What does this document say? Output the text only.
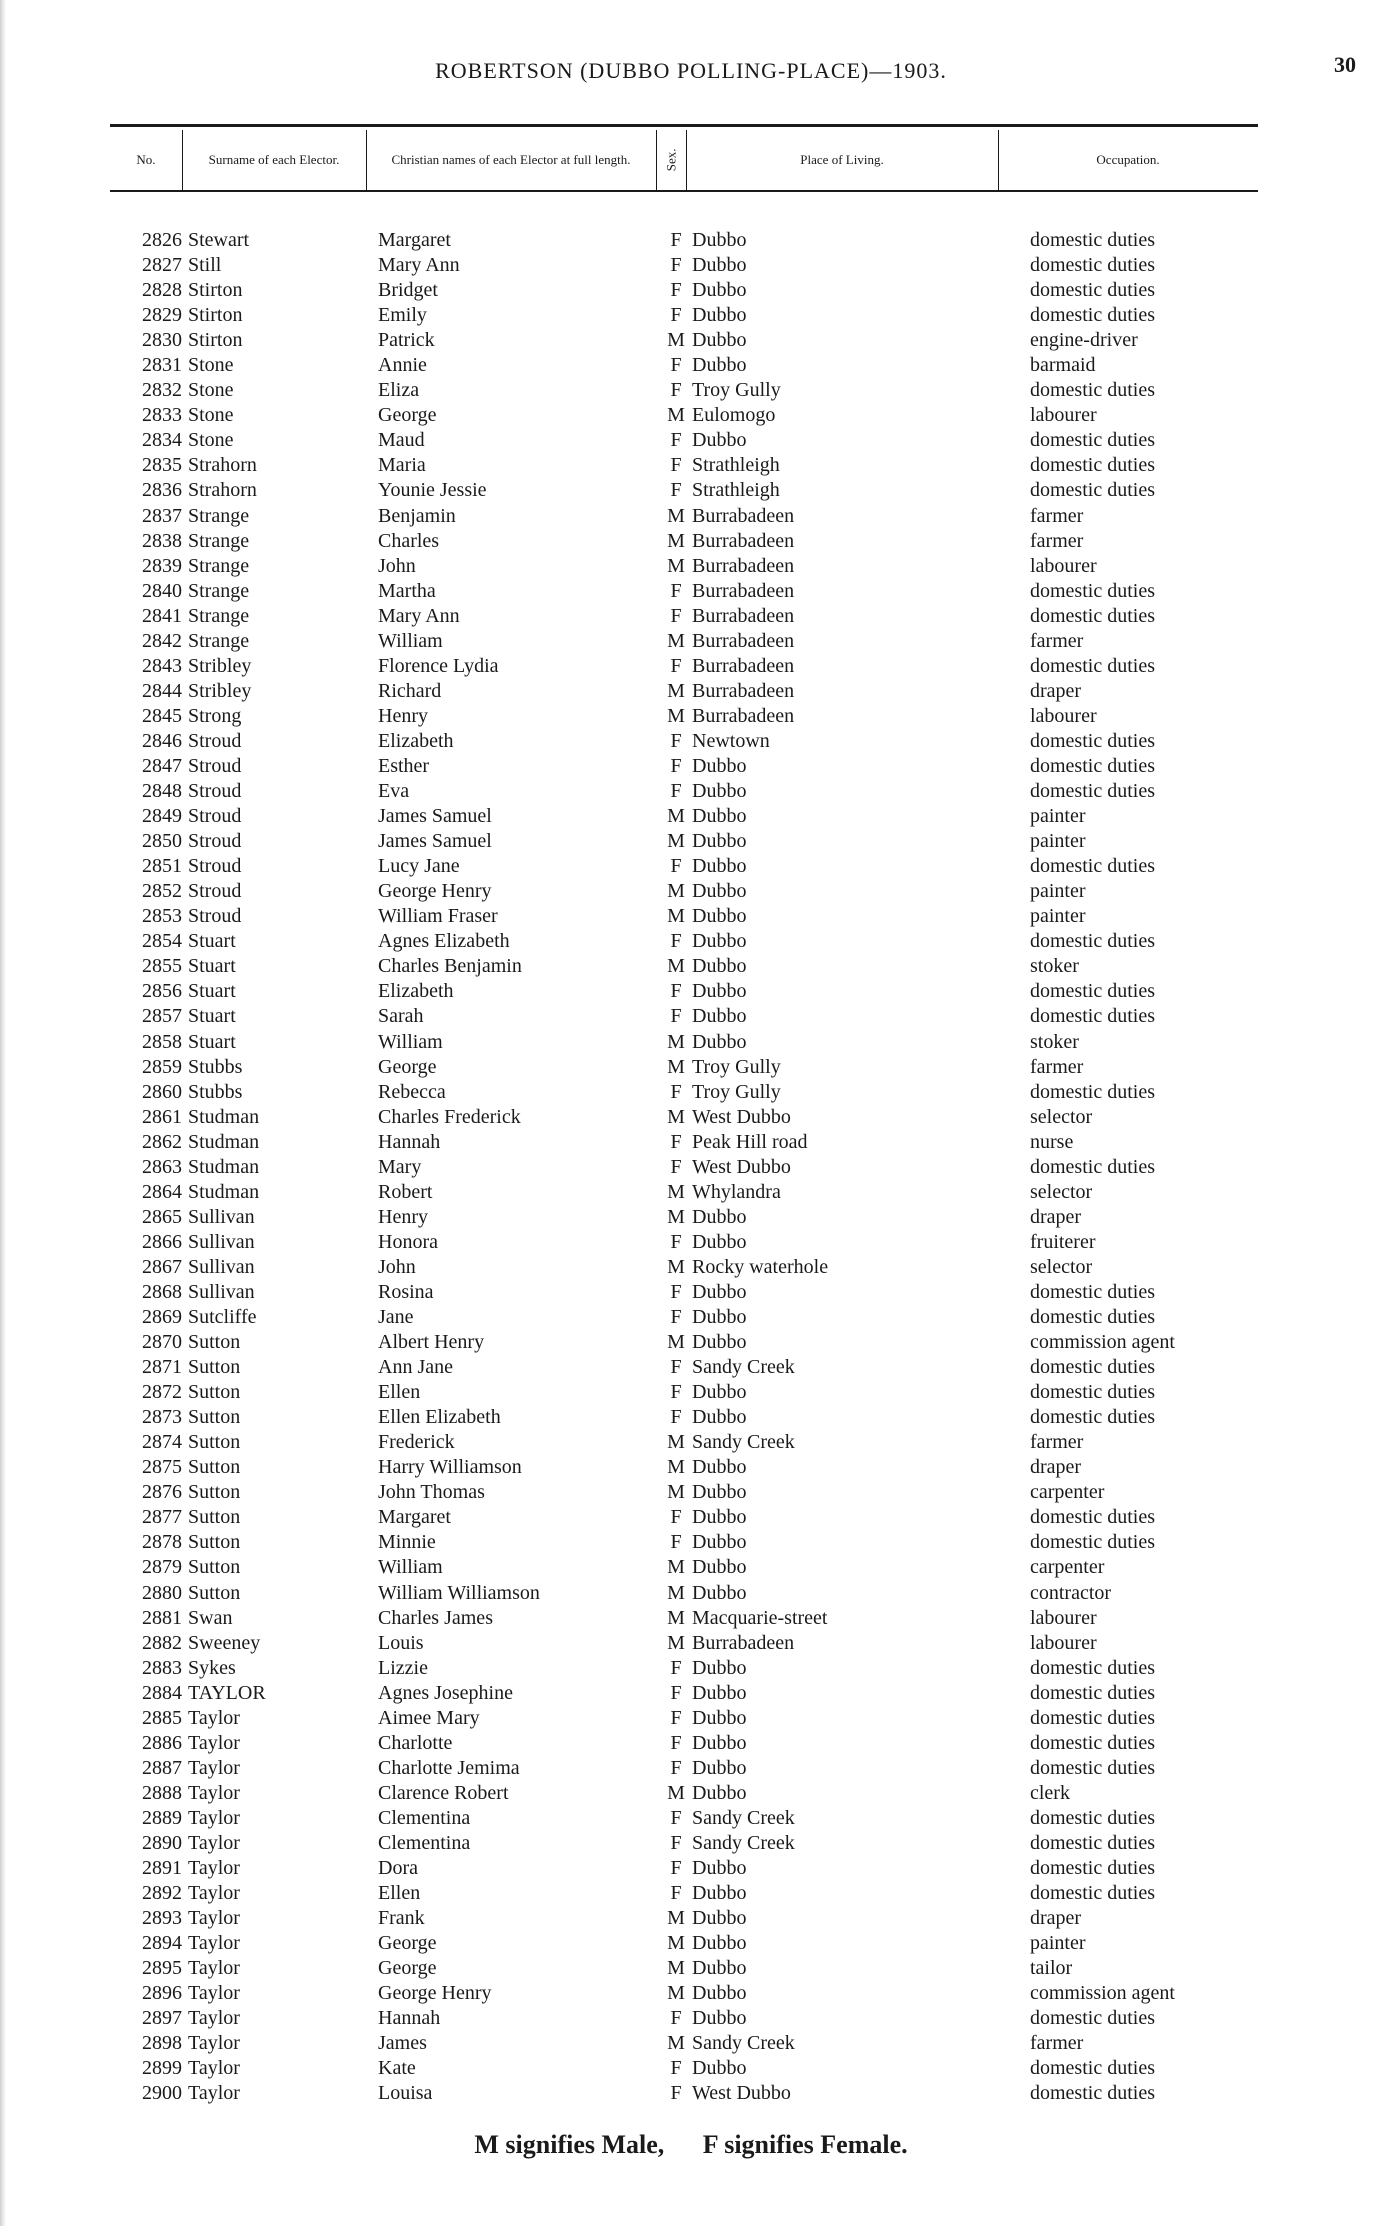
ROBERTSON (DUBBO POLLING-PLACE)—1903.	30
No.	Surname of each Elector.	Christian names of each Elector at full length.	Sex.	Place of Living.	Occupation.
2826 Stewart	Margaret	F Dubbo	domestic duties
2827 Still	Mary Ann	F Dubbo	domestic duties
2828 Stirton	Bridget	F Dubbo	domestic duties
2829 Stirton	Emily	F Dubbo	domestic duties
2830 Stirton	Patrick	M Dubbo	engine-driver
2831 Stone	Annie	F Dubbo	barmaid
2832 Stone	Eliza	F Troy Gully	domestic duties
2833 Stone	George	M Eulomogo	labourer
2834 Stone	Maud	F Dubbo	domestic duties
2835 Strahorn	Maria	F Strathleigh	domestic duties
2836 Strahorn	Younie Jessie	F Strathleigh	domestic duties
2837 Strange	Benjamin	M Burrabadeen	farmer
2838 Strange	Charles	M Burrabadeen	farmer
2839 Strange	John	M Burrabadeen	labourer
2840 Strange	Martha	F Burrabadeen	domestic duties
2841 Strange	Mary Ann	F Burrabadeen	domestic duties
2842 Strange	William	M Burrabadeen	farmer
2843 Stribley	Florence Lydia	F Burrabadeen	domestic duties
2844 Stribley	Richard	M Burrabadeen	draper
2845 Strong	Henry	M Burrabadeen	labourer
2846 Stroud	Elizabeth	F Newtown	domestic duties
2847 Stroud	Esther	F Dubbo	domestic duties
2848 Stroud	Eva	F Dubbo	domestic duties
2849 Stroud	James Samuel	M Dubbo	painter
2850 Stroud	James Samuel	M Dubbo	painter
2851 Stroud	Lucy Jane	F Dubbo	domestic duties
2852 Stroud	George Henry	M Dubbo	painter
2853 Stroud	William Fraser	M Dubbo	painter
2854 Stuart	Agnes Elizabeth	F Dubbo	domestic duties
2855 Stuart	Charles Benjamin	M Dubbo	stoker
2856 Stuart	Elizabeth	F Dubbo	domestic duties
2857 Stuart	Sarah	F Dubbo	domestic duties
2858 Stuart	William	M Dubbo	stoker
2859 Stubbs	George	M Troy Gully	farmer
2860 Stubbs	Rebecca	F Troy Gully	domestic duties
2861 Studman	Charles Frederick	M West Dubbo	selector
2862 Studman	Hannah	F Peak Hill road	nurse
2863 Studman	Mary	F West Dubbo	domestic duties
2864 Studman	Robert	M Whylandra	selector
2865 Sullivan	Henry	M Dubbo	draper
2866 Sullivan	Honora	F Dubbo	fruiterer
2867 Sullivan	John	M Rocky waterhole	selector
2868 Sullivan	Rosina	F Dubbo	domestic duties
2869 Sutcliffe	Jane	F Dubbo	domestic duties
2870 Sutton	Albert Henry	M Dubbo	commission agent
2871 Sutton	Ann Jane	F Sandy Creek	domestic duties
2872 Sutton	Ellen	F Dubbo	domestic duties
2873 Sutton	Ellen Elizabeth	F Dubbo	domestic duties
2874 Sutton	Frederick	M Sandy Creek	farmer
2875 Sutton	Harry Williamson	M Dubbo	draper
2876 Sutton	John Thomas	M Dubbo	carpenter
2877 Sutton	Margaret	F Dubbo	domestic duties
2878 Sutton	Minnie	F Dubbo	domestic duties
2879 Sutton	William	M Dubbo	carpenter
2880 Sutton	William Williamson	M Dubbo	contractor
2881 Swan	Charles James	M Macquarie-street	labourer
2882 Sweeney	Louis	M Burrabadeen	labourer
2883 Sykes	Lizzie	F Dubbo	domestic duties
2884 TAYLOR	Agnes Josephine	F Dubbo	domestic duties
2885 Taylor	Aimee Mary	F Dubbo	domestic duties
2886 Taylor	Charlotte	F Dubbo	domestic duties
2887 Taylor	Charlotte Jemima	F Dubbo	domestic duties
2888 Taylor	Clarence Robert	M Dubbo	clerk
2889 Taylor	Clementina	F Sandy Creek	domestic duties
2890 Taylor	Clementina	F Sandy Creek	domestic duties
2891 Taylor	Dora	F Dubbo	domestic duties
2892 Taylor	Ellen	F Dubbo	domestic duties
2893 Taylor	Frank	M Dubbo	draper
2894 Taylor	George	M Dubbo	painter
2895 Taylor	George	M Dubbo	tailor
2896 Taylor	George Henry	M Dubbo	commission agent
2897 Taylor	Hannah	F Dubbo	domestic duties
2898 Taylor	James	M Sandy Creek	farmer
2899 Taylor	Kate	F Dubbo	domestic duties
2900 Taylor	Louisa	F West Dubbo	domestic duties
M signifies Male, F signifies Female.
